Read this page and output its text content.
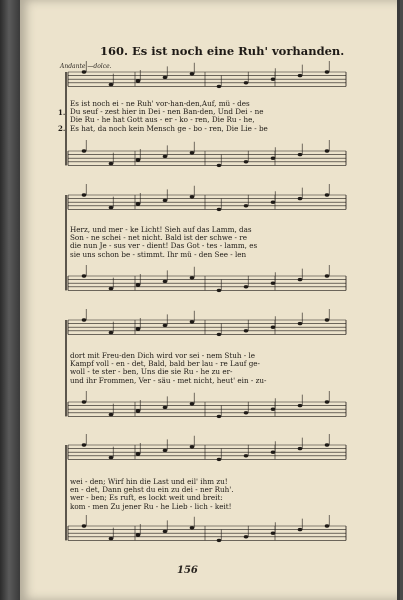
160. Es ist noch eine Ruh' vorhanden.
Andante —dolce.
1.
2.
Es ist noch ei - ne Ruh' vor-han-den,Auf, mü - des
Du seuf - zest hier in Dei - nen Ban-den, Und Dei - ne
Die Ru - he hat Gott aus - er - ko - ren, Die Ru - he,
Es hat, da noch kein Mensch ge - bo - ren, Die Lie - be
Herz, und mer - ke Licht! Sieh auf das Lamm, das
Son - ne schei - net nicht. Bald ist der schwe - re
die nun Je - sus ver - dient! Das Got - tes - lamm, es
sie uns schon be - stimmt. Ihr mü - den See - len
dort mit Freu-den Dich wird vor sei - nem Stuh - le
Kampf voll - en - det, Bald, bald ber lau - re Lauf ge-
woll - te ster - ben, Uns die sie Ru - he zu er-
und ihr Frommen, Ver - säu - met nicht, heut' ein - zu-
wei - den; Wirf hin die Last und eil' ihm zu!
en - det, Dann gehst du ein zu dei - ner Ruh'.
wer - ben; Es ruft, es lockt weit und breit:
kom - men Zu jener Ru - he Lieb - lich - keit!
156
